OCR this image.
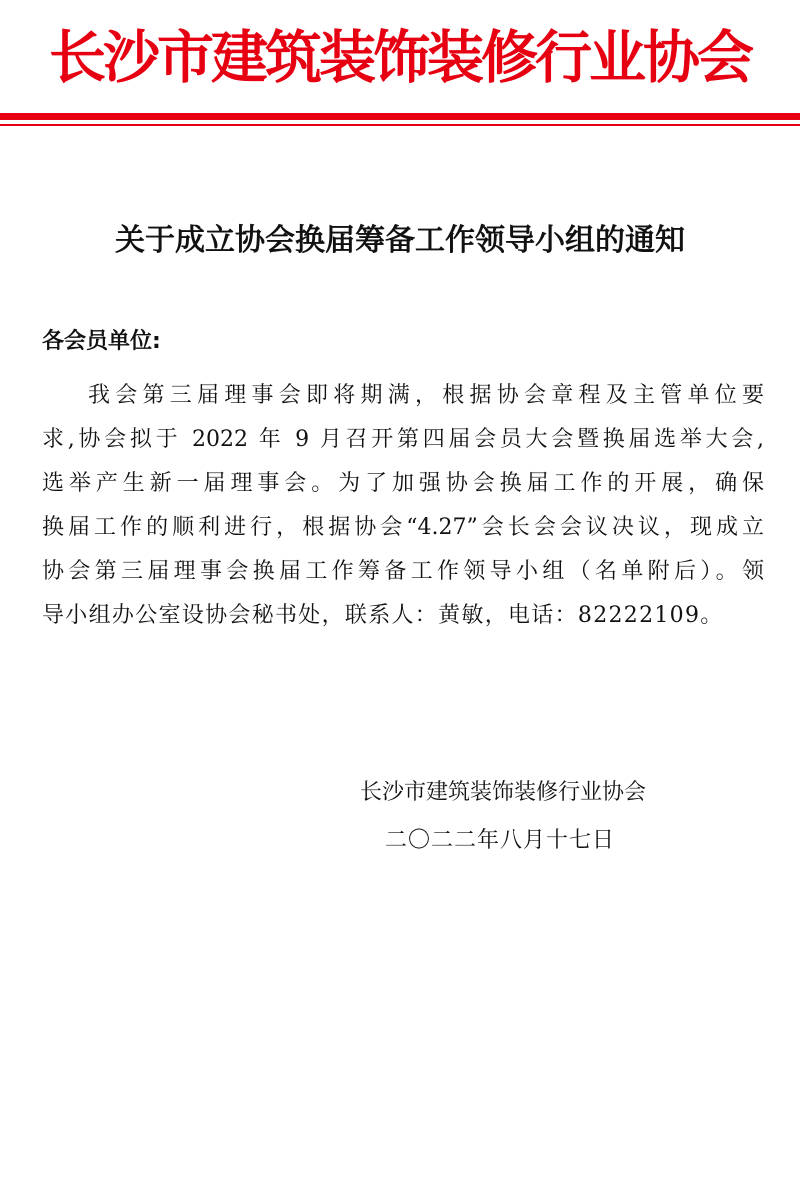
长沙市建筑装饰装修行业协会
关于成立协会换届筹备工作领导小组的通知
各会员单位:
我会第三届理事会即将期满，根据协会章程及主管单位要
求,协会拟于 2022 年 9 月召开第四届会员大会暨换届选举大会,
选举产生新一届理事会。为了加强协会换届工作的开展，确保
换届工作的顺利进行，根据协会“4.27”会长会会议决议，现成立
协会第三届理事会换届工作筹备工作领导小组（名单附后）。领
导小组办公室设协会秘书处，联系人：黄敏，电话：82222109。
长沙市建筑装饰装修行业协会
二〇二二年八月十七日
